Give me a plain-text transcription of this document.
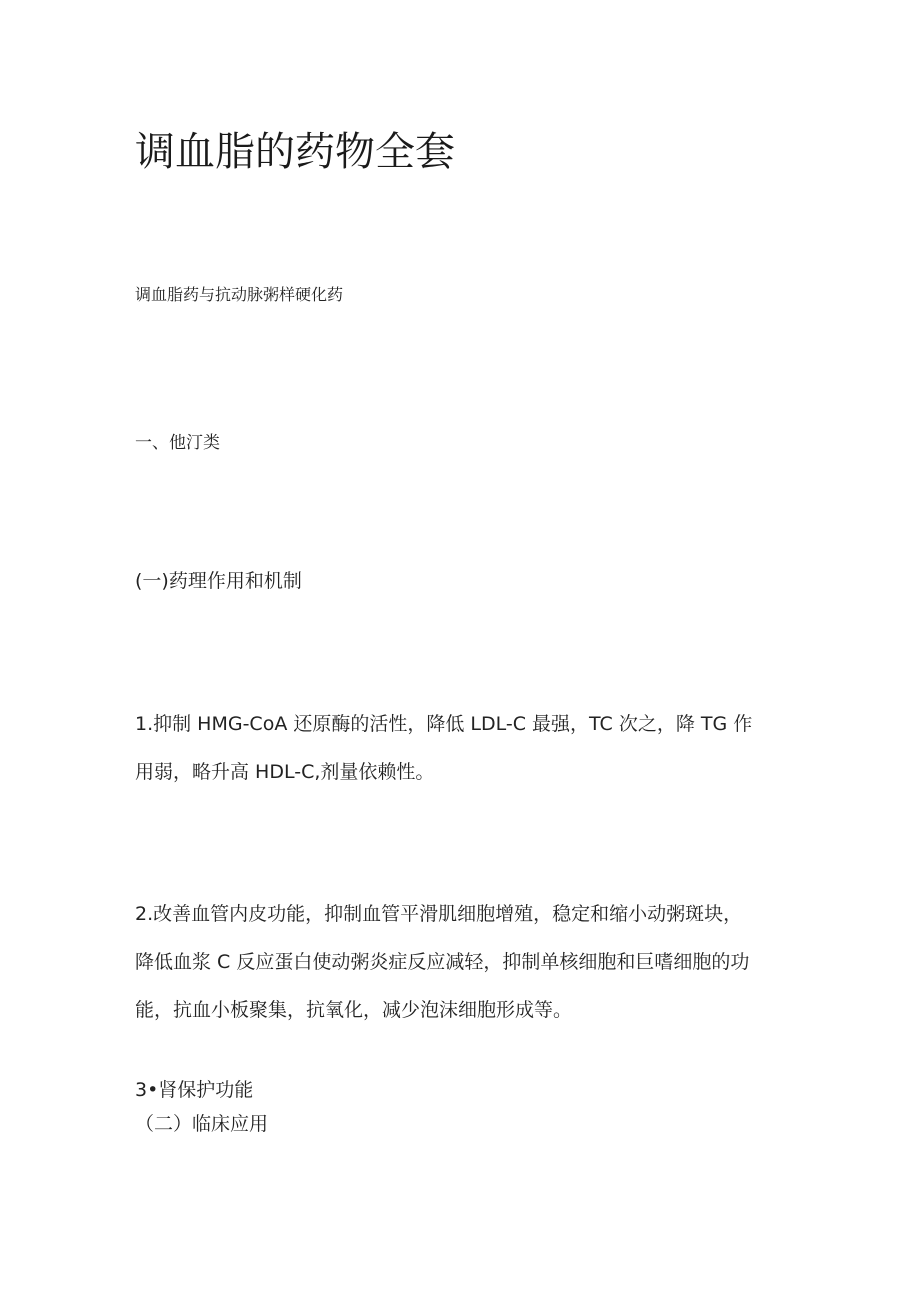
调血脂的药物全套
调血脂药与抗动脉粥样硬化药
一、他汀类
(一)药理作用和机制

1.抑制 HMG-CoA 还原酶的活性，降低 LDL-C 最强，TC 次之，降 TG 作
用弱，略升高 HDL-C,剂量依赖性。

2.改善血管内皮功能，抑制血管平滑肌细胞增殖，稳定和缩小动粥斑块，
降低血浆 C 反应蛋白使动粥炎症反应减轻，抑制单核细胞和巨嗜细胞的功
能，抗血小板聚集，抗氧化，减少泡沫细胞形成等。

3•肾保护功能
（二）临床应用
